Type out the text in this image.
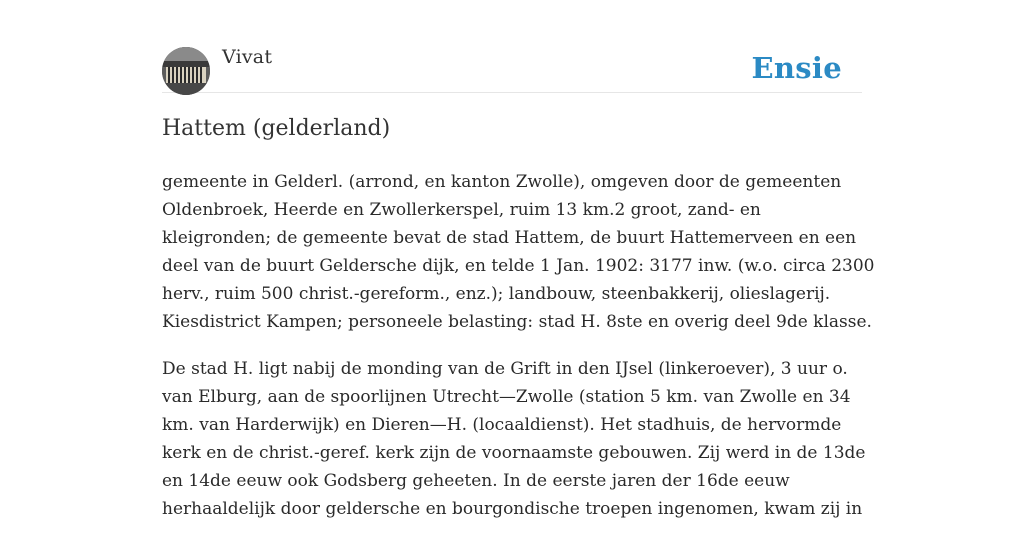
Vivat	Ensie
Hattem (gelderland)

gemeente in Gelderl. (arrond, en kanton Zwolle), omgeven door de gemeenten
Oldenbroek, Heerde en Zwollerkerspel, ruim 13 km.2 groot, zand- en
kleigronden; de gemeente bevat de stad Hattem, de buurt Hattemerveen en een
deel van de buurt Geldersche dijk, en telde 1 Jan. 1902: 3177 inw. (w.o. circa 2300
herv., ruim 500 christ.-gereform., enz.); landbouw, steenbakkerij, olieslagerij.
Kiesdistrict Kampen; personeele belasting: stad H. 8ste en overig deel 9de klasse.

De stad H. ligt nabij de monding van de Grift in den IJsel (linkeroever), 3 uur o.
van Elburg, aan de spoorlijnen Utrecht—Zwolle (station 5 km. van Zwolle en 34
km. van Harderwijk) en Dieren—H. (locaaldienst). Het stadhuis, de hervormde
kerk en de christ.-geref. kerk zijn de voornaamste gebouwen. Zij werd in de 13de
en 14de eeuw ook Godsberg geheeten. In de eerste jaren der 16de eeuw
herhaaldelijk door geldersche en bourgondische troepen ingenomen, kwam zij in
